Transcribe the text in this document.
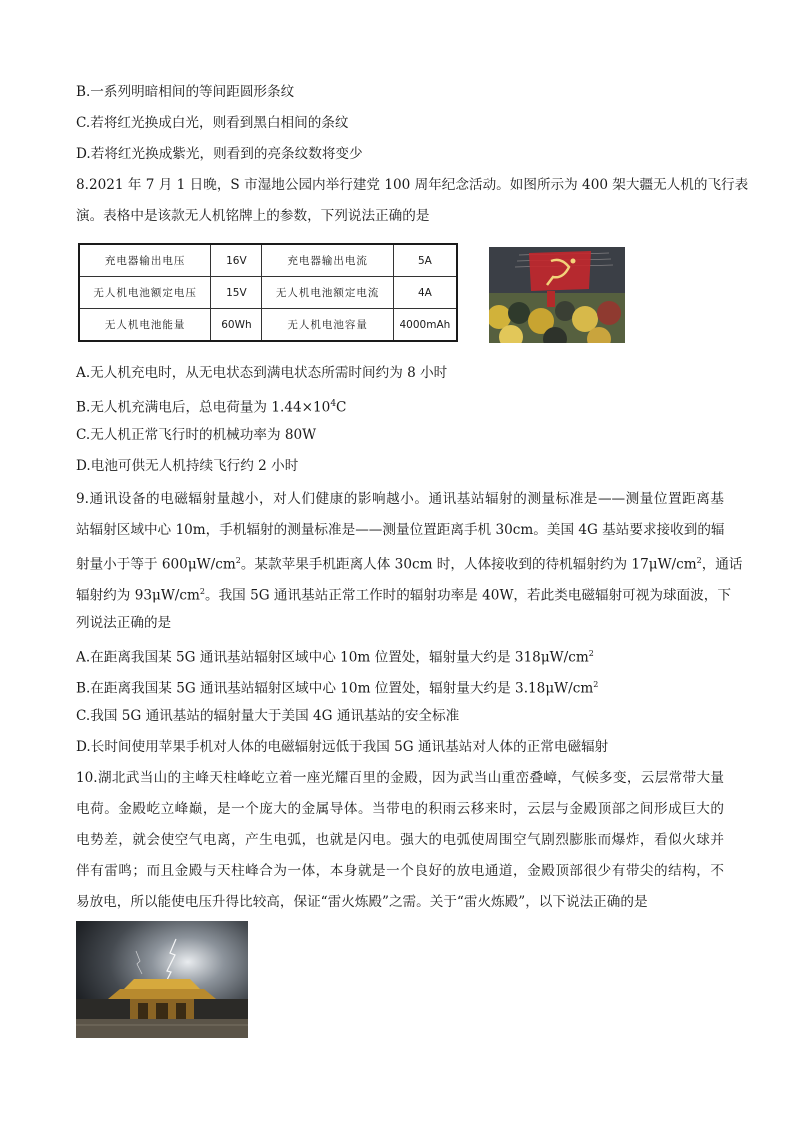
B.一系列明暗相间的等间距圆形条纹
C.若将红光换成白光，则看到黑白相间的条纹
D.若将红光换成紫光，则看到的亮条纹数将变少
8.2021 年 7 月 1 日晚，S 市湿地公园内举行建党 100 周年纪念活动。如图所示为 400 架大疆无人机的飞行表
演。表格中是该款无人机铭牌上的参数，下列说法正确的是
充电器输出电压	16V	充电器输出电流	5A
无人机电池额定电压	15V	无人机电池额定电流	4A
无人机电池能量	60Wh	无人机电池容量	4000mAh
A.无人机充电时，从无电状态到满电状态所需时间约为 8 小时
B.无人机充满电后，总电荷量为 $1.44\times 10^4C$
C.无人机正常飞行时的机械功率为 80W
D.电池可供无人机持续飞行约 2 小时
9.通讯设备的电磁辐射量越小，对人们健康的影响越小。通讯基站辐射的测量标准是——测量位置距离基
站辐射区域中心 10m，手机辐射的测量标准是——测量位置距离手机 30cm。美国 4G 基站要求接收到的辐
射量小于等于 $600\mu W/cm^2$。某款苹果手机距离人体 30cm 时，人体接收到的待机辐射约为 $17\mu W/cm^2$，通话
辐射约为 $93\mu W/cm^2$。我国 5G 通讯基站正常工作时的辐射功率是 40W，若此类电磁辐射可视为球面波，下
列说法正确的是
A.在距离我国某 5G 通讯基站辐射区域中心 10m 位置处，辐射量大约是 $318\mu W/cm^2$
B.在距离我国某 5G 通讯基站辐射区域中心 10m 位置处，辐射量大约是 $3.18\mu W/cm^2$
C.我国 5G 通讯基站的辐射量大于美国 4G 通讯基站的安全标准
D.长时间使用苹果手机对人体的电磁辐射远低于我国 5G 通讯基站对人体的正常电磁辐射
10.湖北武当山的主峰天柱峰屹立着一座光耀百里的金殿，因为武当山重峦叠嶂，气候多变，云层常带大量
电荷。金殿屹立峰巅，是一个庞大的金属导体。当带电的积雨云移来时，云层与金殿顶部之间形成巨大的
电势差，就会使空气电离，产生电弧，也就是闪电。强大的电弧使周围空气剧烈膨胀而爆炸，看似火球并
伴有雷鸣；而且金殿与天柱峰合为一体，本身就是一个良好的放电通道，金殿顶部很少有带尖的结构，不
易放电，所以能使电压升得比较高，保证“雷火炼殿”之需。关于“雷火炼殿”，以下说法正确的是
